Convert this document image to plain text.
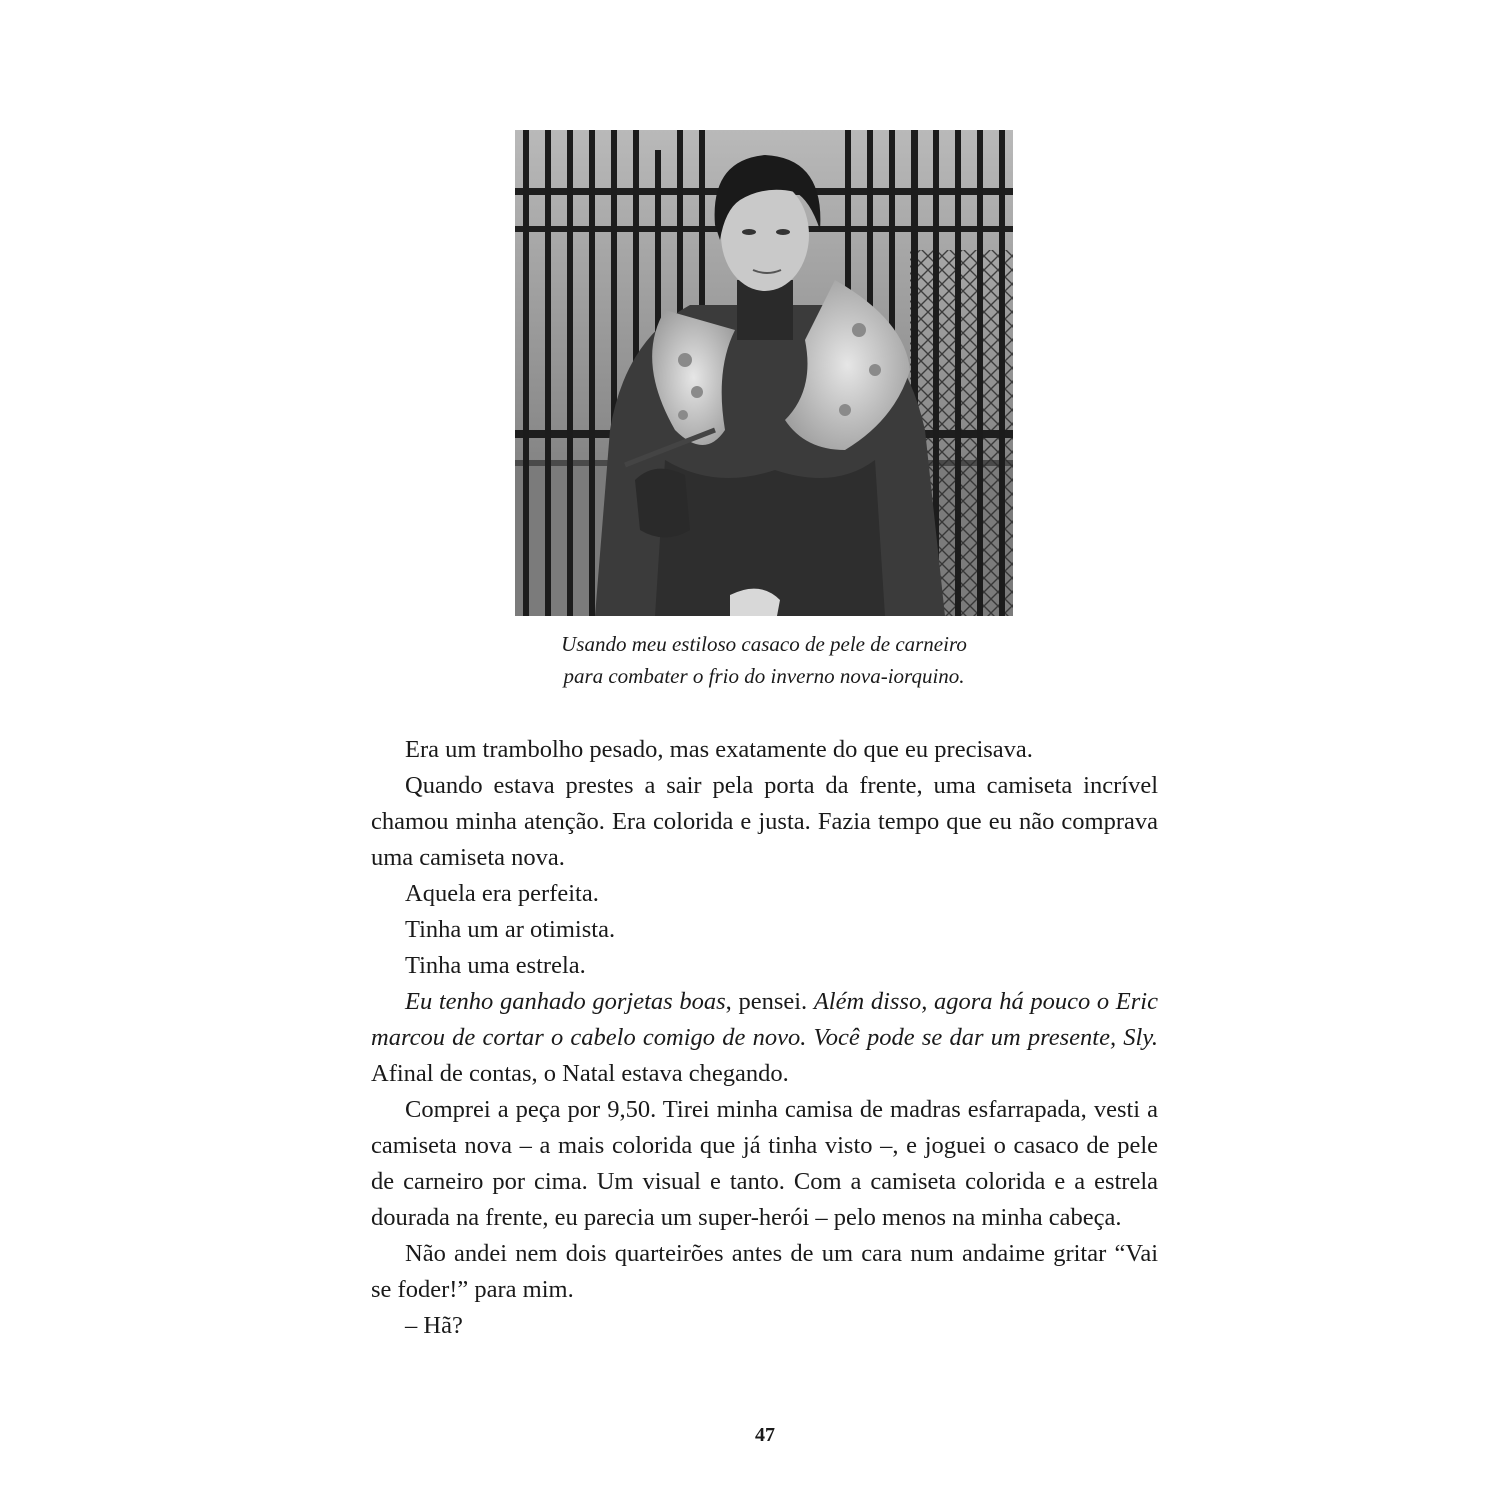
Usando meu estiloso casaco de pele de carneiro
para combater o frio do inverno nova-iorquino.

Era um trambolho pesado, mas exatamente do que eu precisava.

Quando estava prestes a sair pela porta da frente, uma camiseta incrível chamou minha atenção. Era colorida e justa. Fazia tempo que eu não comprava uma camiseta nova.

Aquela era perfeita.

Tinha um ar otimista.

Tinha uma estrela.

Eu tenho ganhado gorjetas boas, pensei. Além disso, agora há pouco o Eric marcou de cortar o cabelo comigo de novo. Você pode se dar um presente, Sly. Afinal de contas, o Natal estava chegando.

Comprei a peça por 9,50. Tirei minha camisa de madras esfarrapada, vesti a camiseta nova – a mais colorida que já tinha visto –, e joguei o casaco de pele de carneiro por cima. Um visual e tanto. Com a camiseta colorida e a estrela dourada na frente, eu parecia um super-herói – pelo menos na minha cabeça.

Não andei nem dois quarteirões antes de um cara num andaime gritar “Vai se foder!” para mim.

– Hã?

47
